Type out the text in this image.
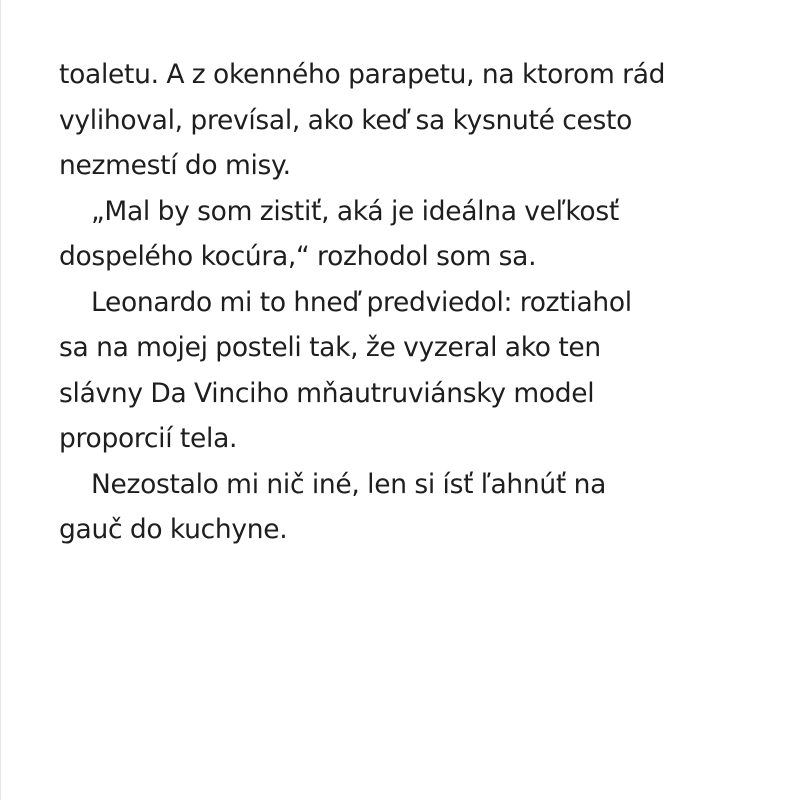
toaletu. A z okenného parapetu, na ktorom rád
vylihoval, prevísal, ako keď sa kysnuté cesto
nezmestí do misy.
„Mal by som zistiť, aká je ideálna veľkosť
dospelého kocúra,“ rozhodol som sa.
Leonardo mi to hneď predviedol: roztiahol
sa na mojej posteli tak, že vyzeral ako ten
slávny Da Vinciho mňautruviánsky model
proporcií tela.
Nezostalo mi nič iné, len si ísť ľahnúť na
gauč do kuchyne.
